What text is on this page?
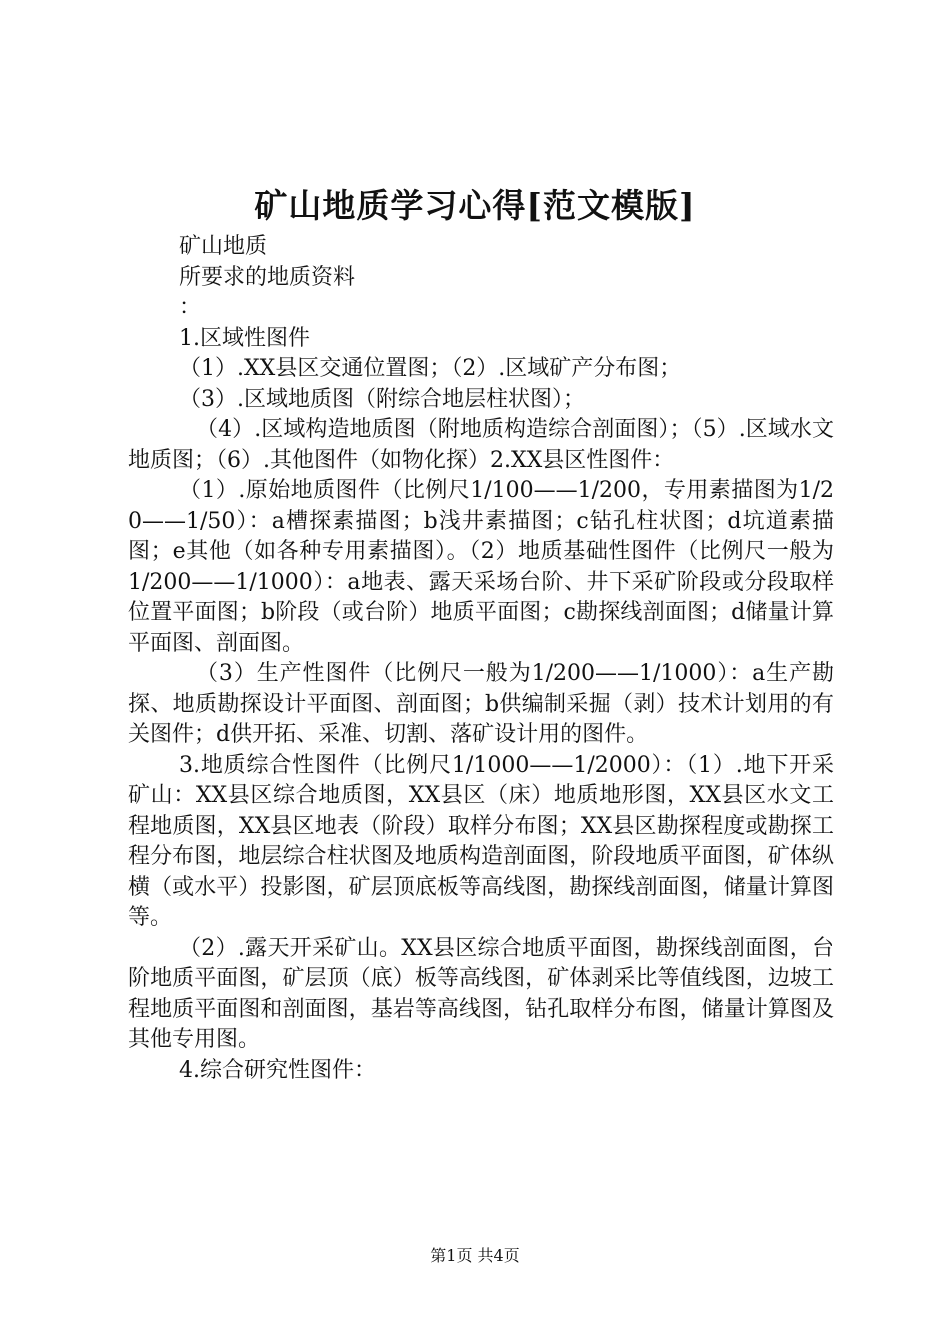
矿山地质学习心得[范文模版]

矿山地质

所要求的地质资料

：

1.区域性图件

（1）.XX县区交通位置图；（2）.区域矿产分布图；

（3）.区域地质图（附综合地层柱状图）；

（4）.区域构造地质图（附地质构造综合剖面图）；（5）.区域水文地质图；（6）.其他图件（如物化探）2.XX县区性图件：

（1）.原始地质图件（比例尺1/100——1/200，专用素描图为1/20——1/50）：a槽探素描图；b浅井素描图；c钻孔柱状图；d坑道素描图；e其他（如各种专用素描图）。（2）地质基础性图件（比例尺一般为1/200——1/1000）：a地表、露天采场台阶、井下采矿阶段或分段取样位置平面图；b阶段（或台阶）地质平面图；c勘探线剖面图；d储量计算平面图、剖面图。

（3）生产性图件（比例尺一般为1/200——1/1000）：a生产勘探、地质勘探设计平面图、剖面图；b供编制采掘（剥）技术计划用的有关图件；d供开拓、采准、切割、落矿设计用的图件。

3.地质综合性图件（比例尺1/1000——1/2000）：（1）.地下开采矿山：XX县区综合地质图，XX县区（床）地质地形图，XX县区水文工程地质图，XX县区地表（阶段）取样分布图；XX县区勘探程度或勘探工程分布图，地层综合柱状图及地质构造剖面图，阶段地质平面图，矿体纵横（或水平）投影图，矿层顶底板等高线图，勘探线剖面图，储量计算图等。

（2）.露天开采矿山。XX县区综合地质平面图，勘探线剖面图，台阶地质平面图，矿层顶（底）板等高线图，矿体剥采比等值线图，边坡工程地质平面图和剖面图，基岩等高线图，钻孔取样分布图，储量计算图及其他专用图。

4.综合研究性图件：

第1页 共4页
